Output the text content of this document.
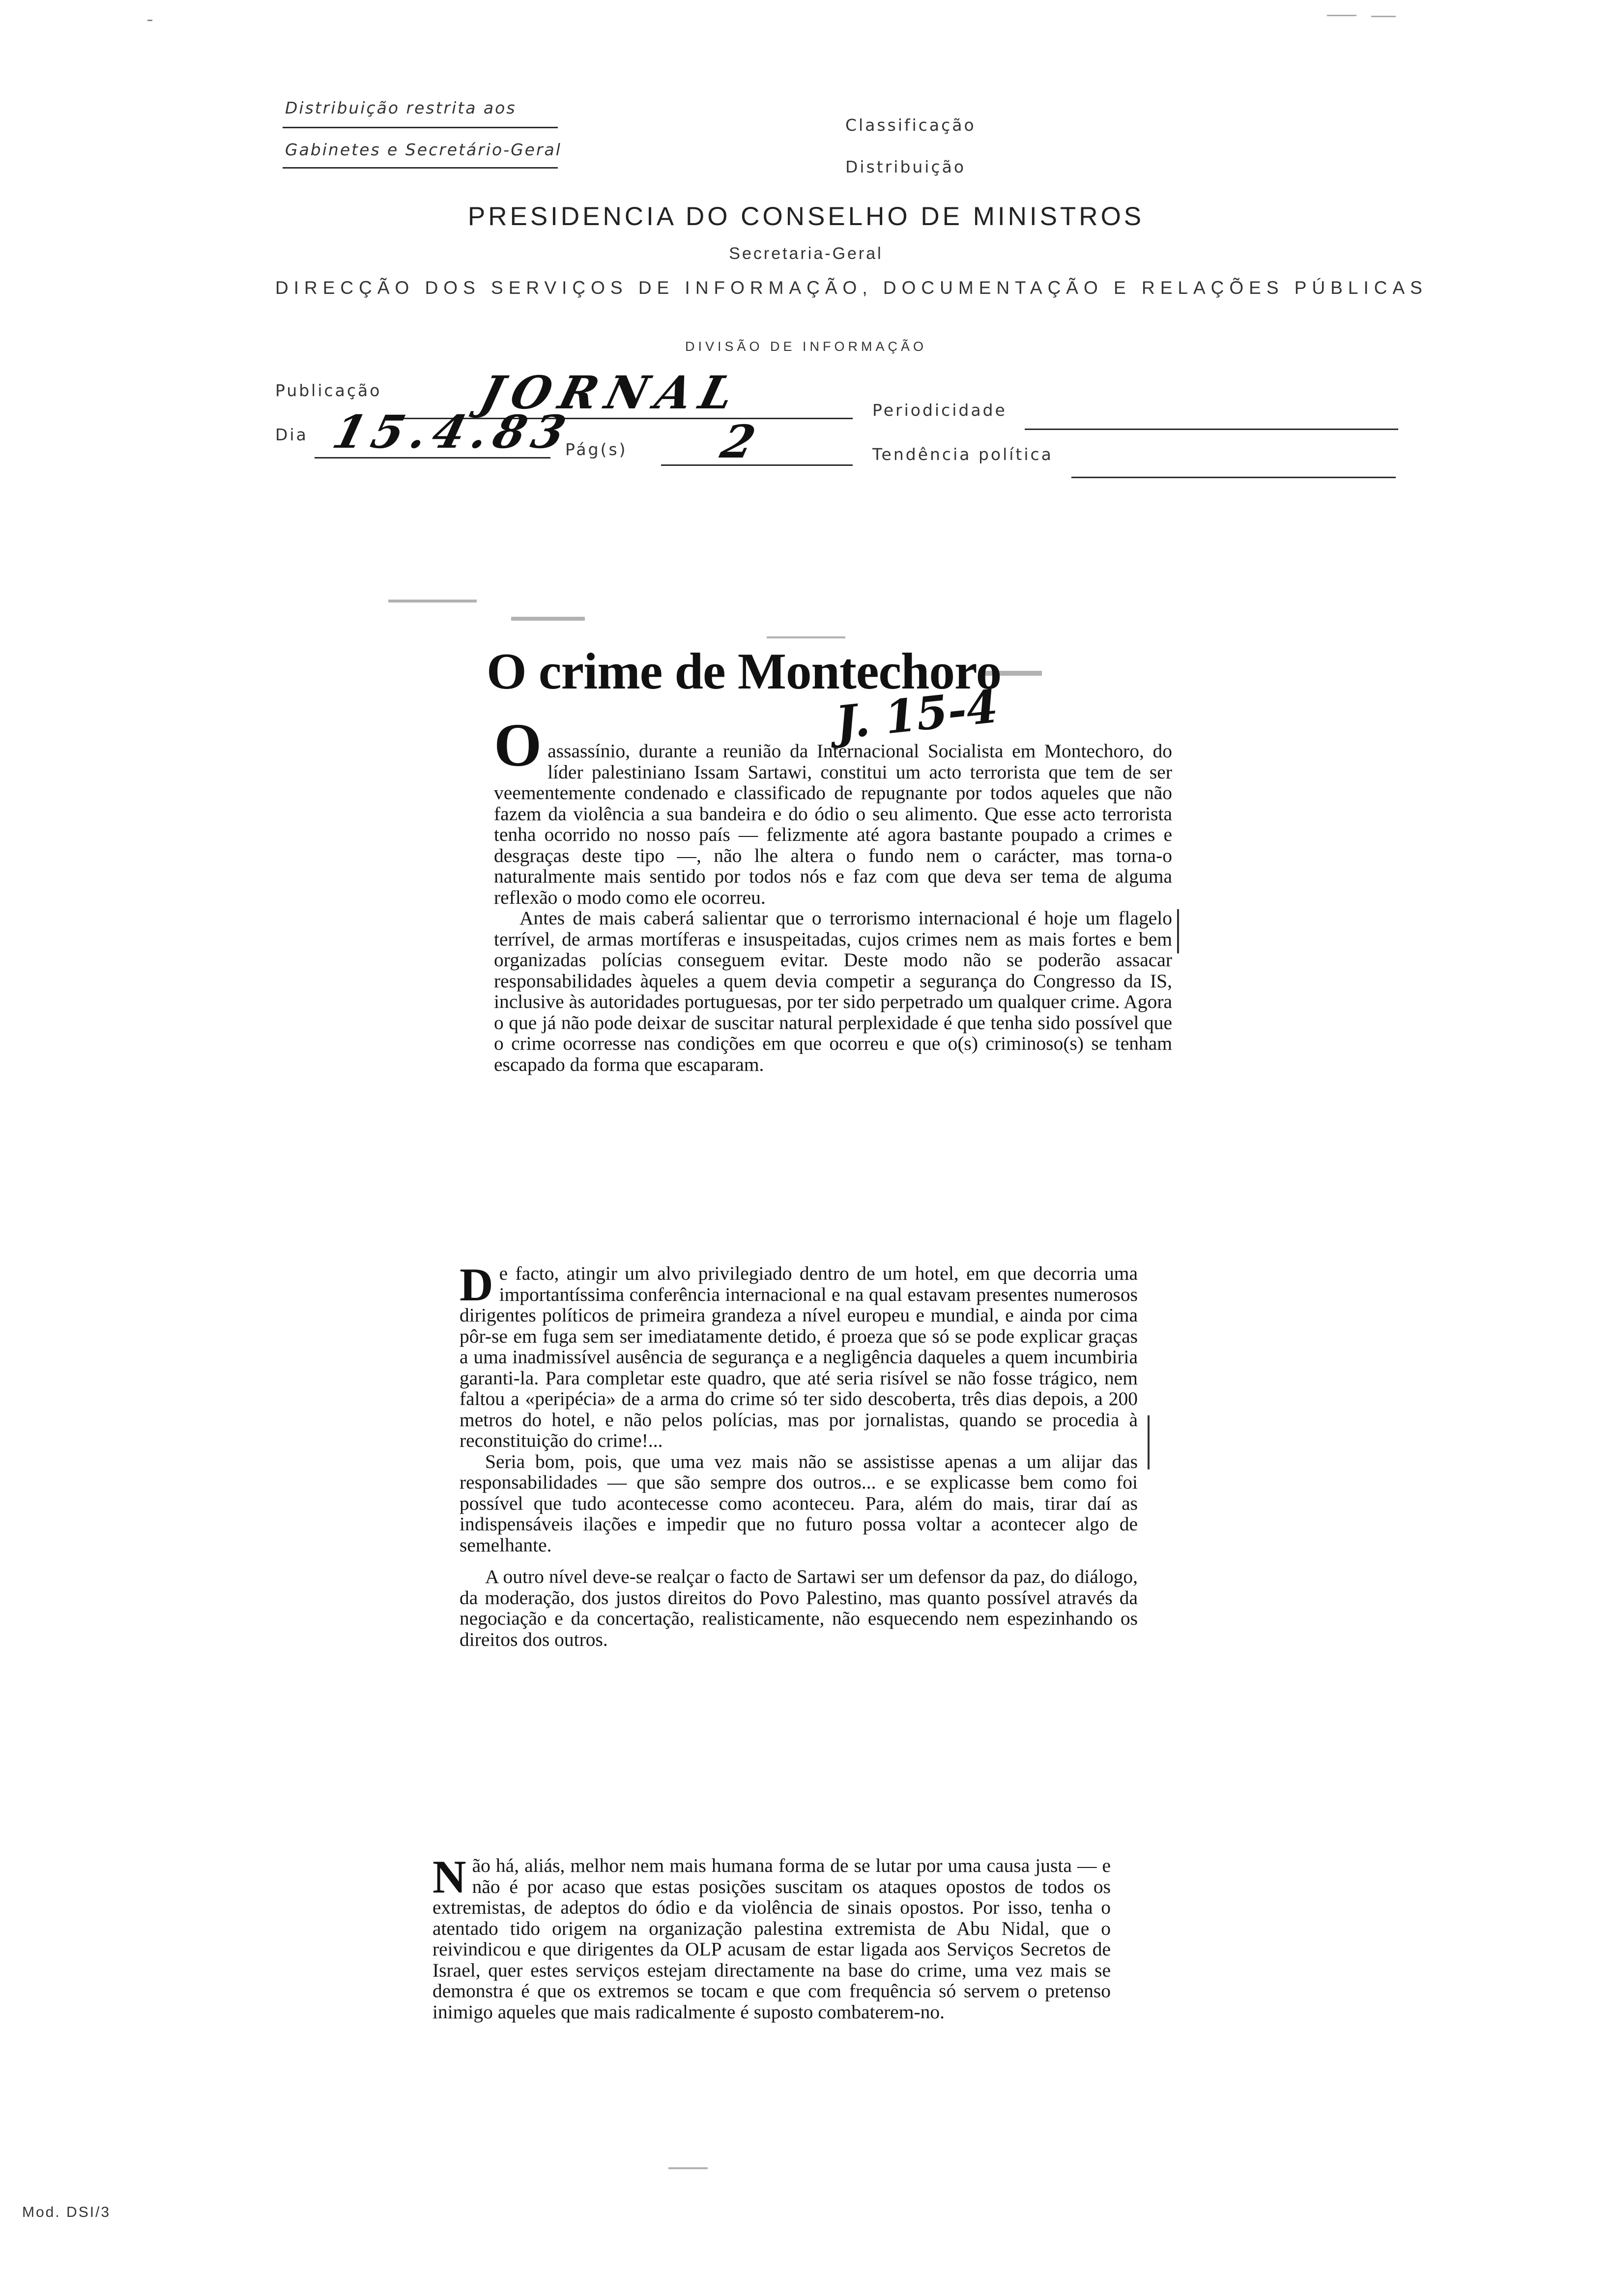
Distribuição restrita aos
Gabinetes e Secretário-Geral
Classificação
Distribuição
PRESIDENCIA DO CONSELHO DE MINISTROS
Secretaria-Geral
DIRECÇÃO DOS SERVIÇOS DE INFORMAÇÃO, DOCUMENTAÇÃO E RELAÇÕES PÚBLICAS
DIVISÃO DE INFORMAÇÃO
Publicação JORNAL	Periodicidade
Dia 15.4.83
Pág(s) 2	Tendência política
O crime de Montechoro
J. 15-4
O assassínio, durante a reunião da Internacional Socialista em Montechoro, do líder palestiniano Issam Sartawi, constitui um acto terrorista que tem de ser veementemente condenado e classificado de repugnante por todos aqueles que não fazem da violência a sua bandeira e do ódio o seu alimento. Que esse acto terrorista tenha ocorrido no nosso país — felizmente até agora bastante poupado a crimes e desgraças deste tipo —, não lhe altera o fundo nem o carácter, mas torna-o naturalmente mais sentido por todos nós e faz com que deva ser tema de alguma reflexão o modo como ele ocorreu.

Antes de mais caberá salientar que o terrorismo internacional é hoje um flagelo terrível, de armas mortíferas e insuspeitadas, cujos crimes nem as mais fortes e bem organizadas polícias conseguem evitar. Deste modo não se poderão assacar responsabilidades àqueles a quem devia competir a segurança do Congresso da IS, inclusive às autoridades portuguesas, por ter sido perpetrado um qualquer crime. Agora o que já não pode deixar de suscitar natural perplexidade é que tenha sido possível que o crime ocorresse nas condições em que ocorreu e que o(s) criminoso(s) se tenham escapado da forma que escaparam.

D e facto, atingir um alvo privilegiado dentro de um hotel, em que decorria uma importantíssima conferência internacional e na qual estavam presentes numerosos dirigentes políticos de primeira grandeza a nível europeu e mundial, e ainda por cima pôr-se em fuga sem ser imediatamente detido, é proeza que só se pode explicar graças a uma inadmissível ausência de segurança e a negligência daqueles a quem incumbiria garanti-la. Para completar este quadro, que até seria risível se não fosse trágico, nem faltou a «peripécia» de a arma do crime só ter sido descoberta, três dias depois, a 200 metros do hotel, e não pelos polícias, mas por jornalistas, quando se procedia à reconstituição do crime!...

Seria bom, pois, que uma vez mais não se assistisse apenas a um alijar das responsabilidades — que são sempre dos outros... e se explicasse bem como foi possível que tudo acontecesse como aconteceu. Para, além do mais, tirar daí as indispensáveis ilações e impedir que no futuro possa voltar a acontecer algo de semelhante.

A outro nível deve-se realçar o facto de Sartawi ser um defensor da paz, do diálogo, da moderação, dos justos direitos do Povo Palestino, mas quanto possível através da negociação e da concertação, realisticamente, não esquecendo nem espezinhando os direitos dos outros.

N ão há, aliás, melhor nem mais humana forma de se lutar por uma causa justa — e não é por acaso que estas posições suscitam os ataques opostos de todos os extremistas, de adeptos do ódio e da violência de sinais opostos. Por isso, tenha o atentado tido origem na organização palestina extremista de Abu Nidal, que o reivindicou e que dirigentes da OLP acusam de estar ligada aos Serviços Secretos de Israel, quer estes serviços estejam directamente na base do crime, uma vez mais se demonstra é que os extremos se tocam e que com frequência só servem o pretenso inimigo aqueles que mais radicalmente é suposto combaterem-no.

Mod. DSI/3
